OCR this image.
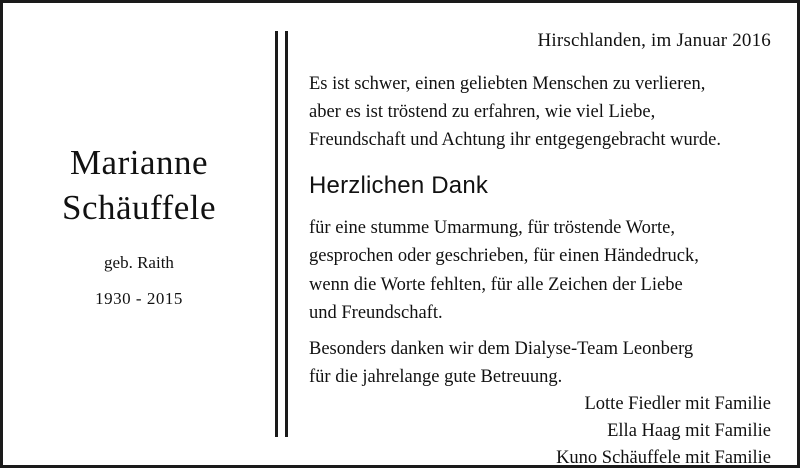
Marianne
Schäuffele
geb. Raith
1930 - 2015
Hirschlanden, im Januar 2016
Es ist schwer, einen geliebten Menschen zu verlieren,
aber es ist tröstend zu erfahren, wie viel Liebe,
Freundschaft und Achtung ihr entgegengebracht wurde.
Herzlichen Dank
für eine stumme Umarmung, für tröstende Worte,
gesprochen oder geschrieben, für einen Händedruck,
wenn die Worte fehlten, für alle Zeichen der Liebe
und Freundschaft.
Besonders danken wir dem Dialyse-Team Leonberg
für die jahrelange gute Betreuung.
Lotte Fiedler mit Familie
Ella Haag mit Familie
Kuno Schäuffele mit Familie
